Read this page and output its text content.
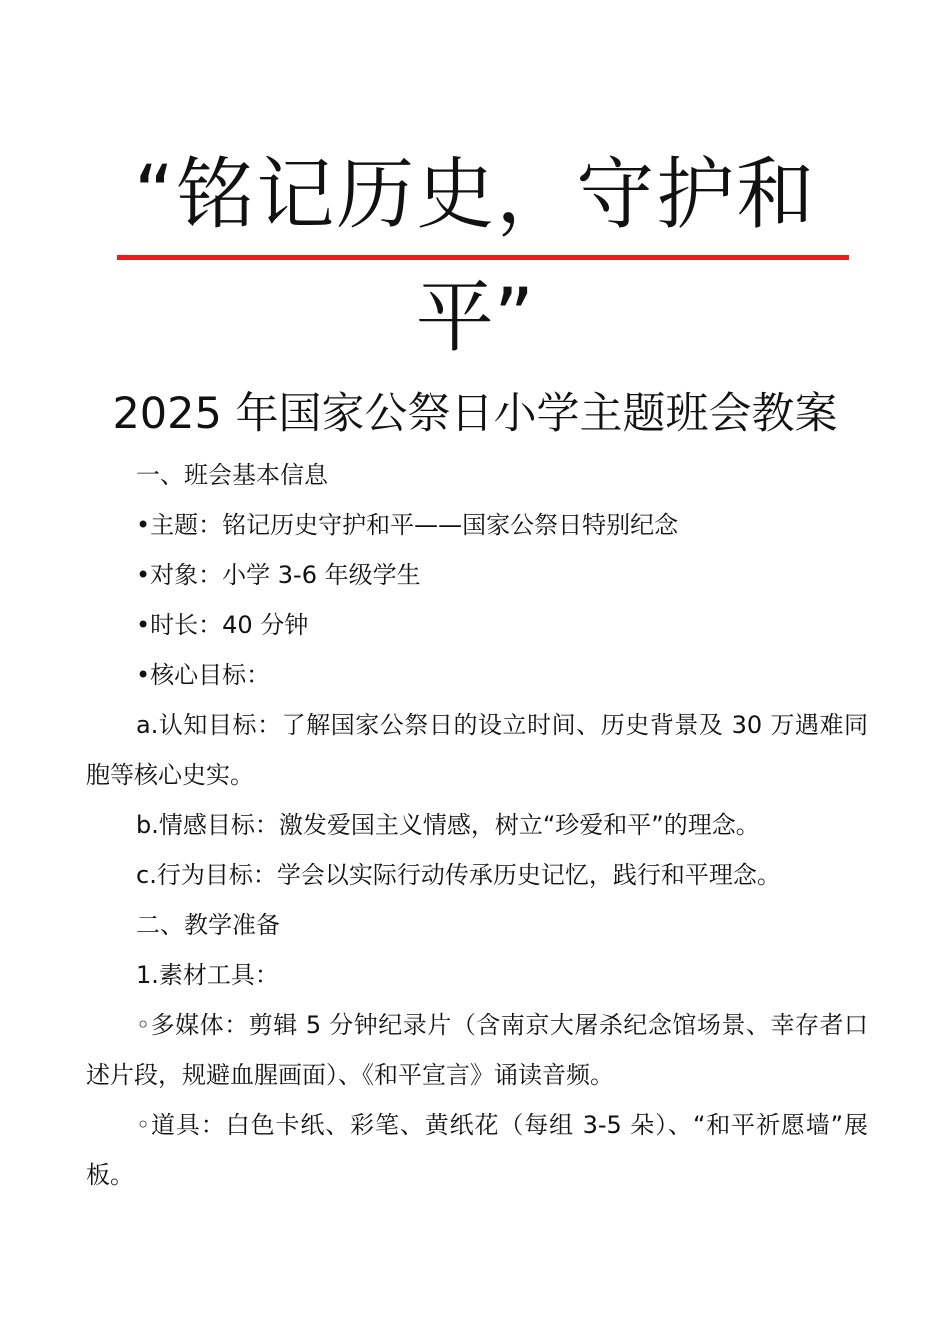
“铭记历史，守护和
平”
2025 年国家公祭日小学主题班会教案

一、班会基本信息

•主题：铭记历史守护和平——国家公祭日特别纪念

•对象：小学 3-6 年级学生

•时长：40 分钟

•核心目标：

a.认知目标：了解国家公祭日的设立时间、历史背景及 30 万遇难同胞等核心史实。

b.情感目标：激发爱国主义情感，树立“珍爱和平”的理念。

c.行为目标：学会以实际行动传承历史记忆，践行和平理念。

二、教学准备

1.素材工具：

◦多媒体：剪辑 5 分钟纪录片（含南京大屠杀纪念馆场景、幸存者口述片段，规避血腥画面）、《和平宣言》诵读音频。

◦道具：白色卡纸、彩笔、黄纸花（每组 3-5 朵）、“和平祈愿墙”展板。
